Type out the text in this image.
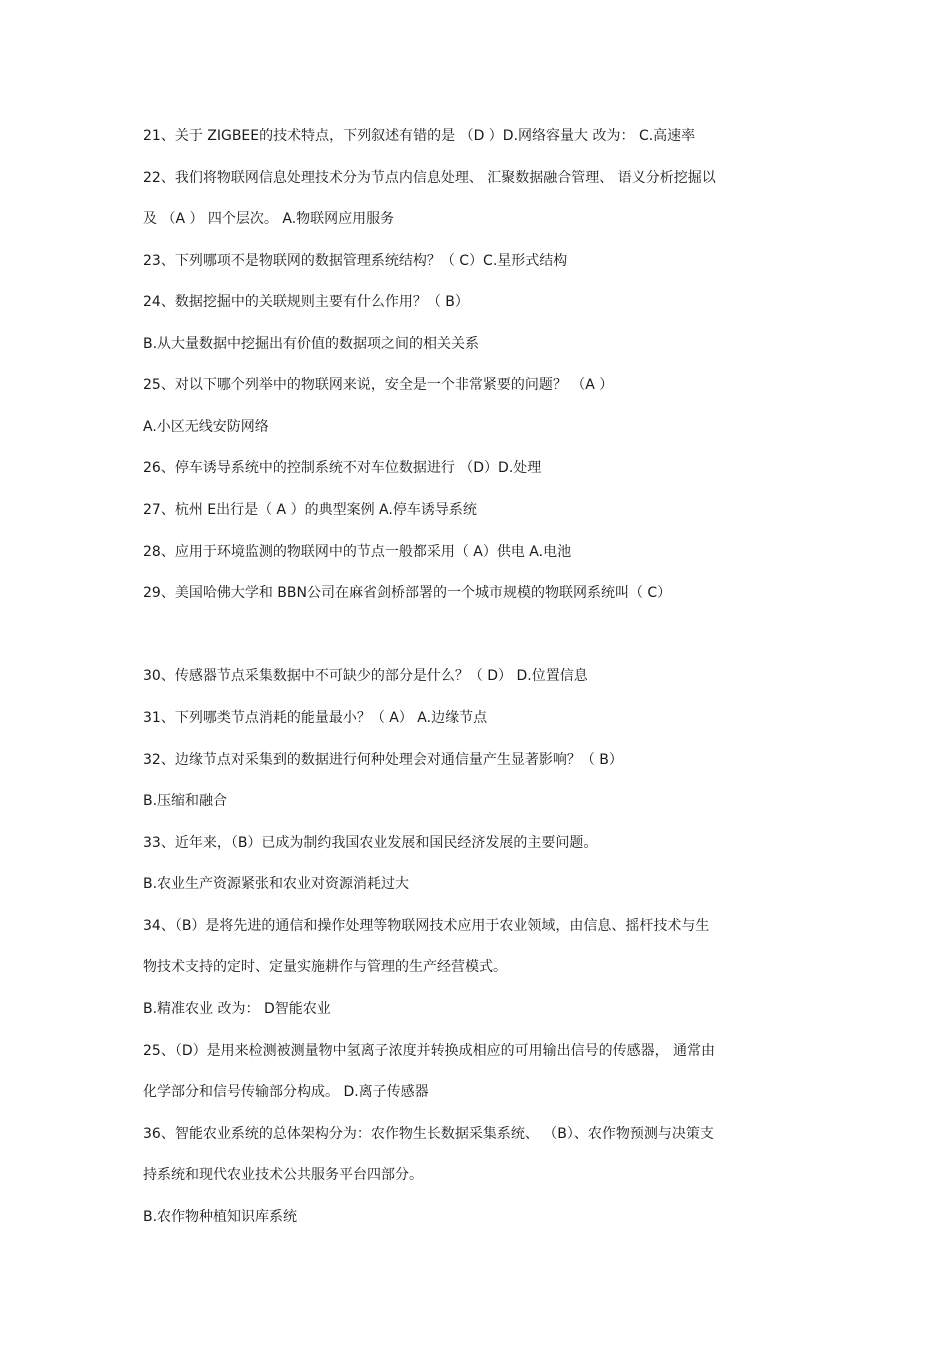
21、关于 ZIGBEE的技术特点，下列叙述有错的是 （D ）D.网络容量大 改为： C.高速率
22、我们将物联网信息处理技术分为节点内信息处理、 汇聚数据融合管理、 语义分析挖掘以
及 （A ） 四个层次。 A.物联网应用服务
23、下列哪项不是物联网的数据管理系统结构？（ C）C.星形式结构
24、数据挖掘中的关联规则主要有什么作用？（ B）
B.从大量数据中挖掘出有价值的数据项之间的相关关系
25、对以下哪个列举中的物联网来说，安全是一个非常紧要的问题？ （A ）
A.小区无线安防网络
26、停车诱导系统中的控制系统不对车位数据进行 （D）D.处理
27、杭州 E出行是（ A ）的典型案例 A.停车诱导系统
28、应用于环境监测的物联网中的节点一般都采用（ A）供电 A.电池
29、美国哈佛大学和 BBN公司在麻省剑桥部署的一个城市规模的物联网系统叫（ C）
30、传感器节点采集数据中不可缺少的部分是什么？（ D） D.位置信息
31、下列哪类节点消耗的能量最小？（ A） A.边缘节点
32、边缘节点对采集到的数据进行何种处理会对通信量产生显著影响？（ B）
B.压缩和融合
33、近年来，（B）已成为制约我国农业发展和国民经济发展的主要问题。
B.农业生产资源紧张和农业对资源消耗过大
34、（B）是将先进的通信和操作处理等物联网技术应用于农业领域，由信息、摇杆技术与生
物技术支持的定时、定量实施耕作与管理的生产经营模式。
B.精准农业 改为： D智能农业
25、（D）是用来检测被测量物中氢离子浓度并转换成相应的可用输出信号的传感器， 通常由
化学部分和信号传输部分构成。 D.离子传感器
36、智能农业系统的总体架构分为：农作物生长数据采集系统、 （B）、农作物预测与决策支
持系统和现代农业技术公共服务平台四部分。
B.农作物种植知识库系统
